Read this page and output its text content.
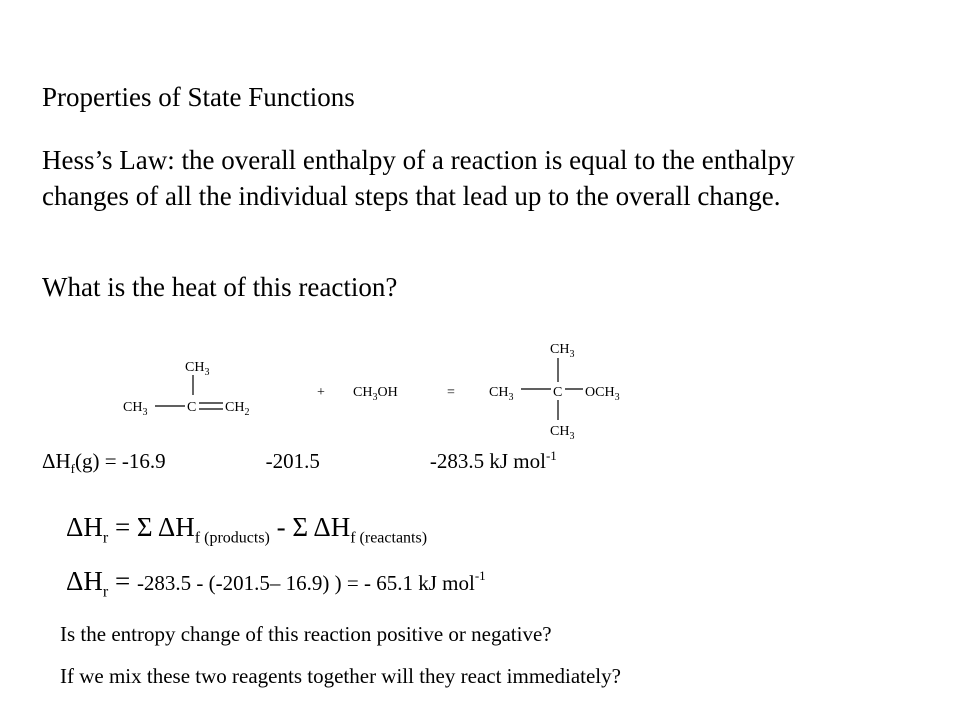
Properties of State Functions
Hess’s Law: the overall enthalpy of a reaction is equal to the enthalpy changes of all the individual steps that lead up to the overall change.
What is the heat of this reaction?
$CH_3$
$CH_3$	C $CH_2$
+ $CH_3OH$	=
$CH_3$
$CH_3$	C $OCH_3$
$CH_3$
$\Delta H_f(g) = -16.9$	-201.5	-283.5 kJ mol$^{-1}$
$\Delta H_r = \Sigma$ $\Delta H_{f (products)}$ - Σ $\Delta H_{f (reactants)}$
$\Delta H_r = -283.5 - (-201.5-$ 16.9) ) = - 65.1 kJ mol$^{-1}$
Is the entropy change of this reaction positive or negative?
If we mix these two reagents together will they react immediately?
